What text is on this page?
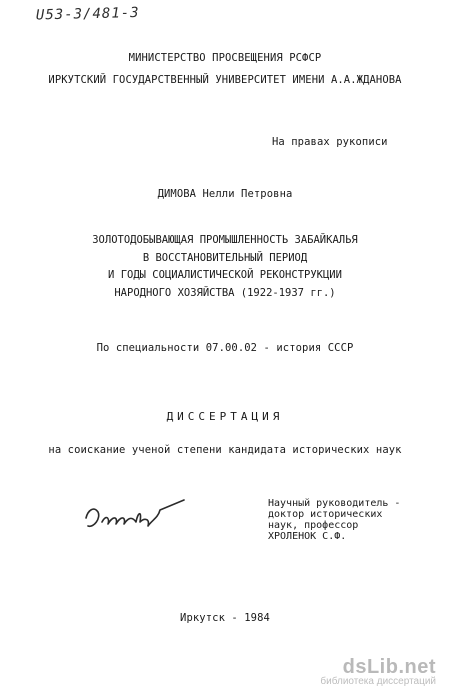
U53-3/481-3
МИНИСТЕРСТВО ПРОСВЕЩЕНИЯ РСФСР
ИРКУТСКИЙ ГОСУДАРСТВЕННЫЙ УНИВЕРСИТЕТ ИМЕНИ А.А.ЖДАНОВА
На правах рукописи
ДИМОВА Нелли Петровна
ЗОЛОТОДОБЫВАЮЩАЯ ПРОМЫШЛЕННОСТЬ ЗАБАЙКАЛЬЯ
В ВОССТАНОВИТЕЛЬНЫЙ ПЕРИОД
И ГОДЫ СОЦИАЛИСТИЧЕСКОЙ РЕКОНСТРУКЦИИ
НАРОДНОГО ХОЗЯЙСТВА (1922-1937 гг.)
По специальности 07.00.02 - история СССР
ДИССЕРТАЦИЯ
на соискание ученой степени кандидата исторических наук
Научный руководитель -
доктор исторических
наук, профессор
ХРОЛЕНОК С.Ф.
Иркутск - 1984
dsLib.net
библиотека диссертаций
